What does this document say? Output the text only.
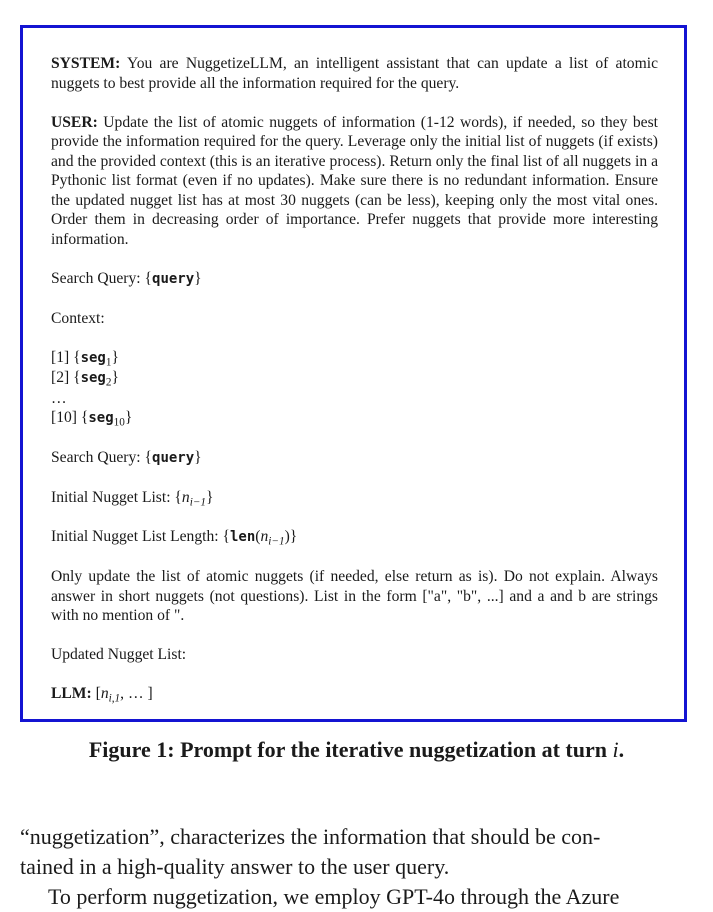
SYSTEM: You are NuggetizeLLM, an intelligent assistant that can update a list of atomic nuggets to best provide all the information required for the query.

USER: Update the list of atomic nuggets of information (1-12 words), if needed, so they best provide the information required for the query. Leverage only the initial list of nuggets (if exists) and the provided context (this is an iterative process). Return only the final list of all nuggets in a Pythonic list format (even if no updates). Make sure there is no redundant information. Ensure the updated nugget list has at most 30 nuggets (can be less), keeping only the most vital ones. Order them in decreasing order of importance. Prefer nuggets that provide more interesting information.

Search Query: {query}

Context:

[1] {seg$_1$}

[2] {seg$_2$}

…

[10] {seg$_{10}$}

Search Query: {query}

Initial Nugget List: $\{n_{i-1}\}$

Initial Nugget List Length: $\{len(n_{i-1})\}$

Only update the list of atomic nuggets (if needed, else return as is). Do not explain. Always answer in short nuggets (not questions). List in the form ["a", "b", ...] and a and b are strings with no mention of ".

Updated Nugget List:

LLM: [$n_{i,1}$, … ]

Figure 1: Prompt for the iterative nuggetization at turn i.

“nuggetization”, characterizes the information that should be con-

tained in a high-quality answer to the user query.

To perform nuggetization, we employ GPT-4o through the Azure
